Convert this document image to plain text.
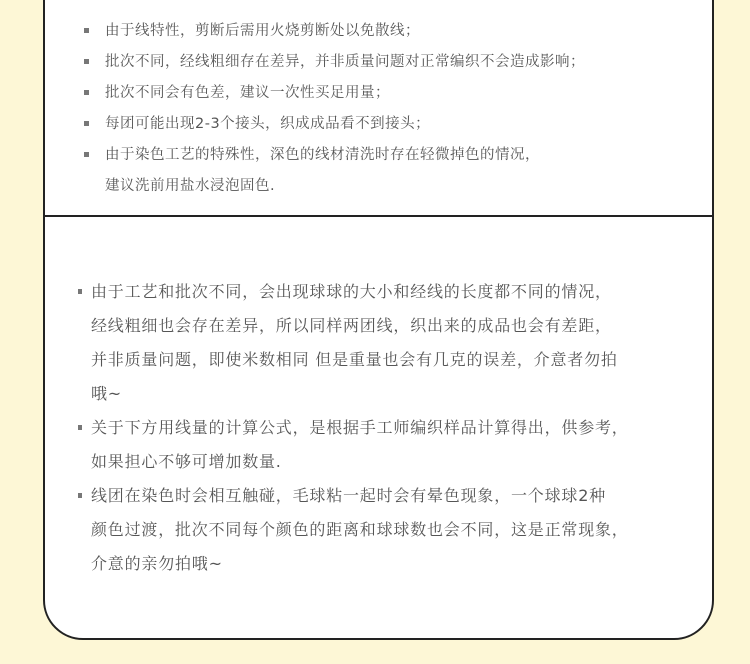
由于线特性，剪断后需用火烧剪断处以免散线；
批次不同，经线粗细存在差异，并非质量问题对正常编织不会造成影响；
批次不同会有色差，建议一次性买足用量；
每团可能出现2-3个接头，织成成品看不到接头；
由于染色工艺的特殊性，深色的线材清洗时存在轻微掉色的情况，
建议洗前用盐水浸泡固色.
由于工艺和批次不同，会出现球球的大小和经线的长度都不同的情况，
经线粗细也会存在差异，所以同样两团线，织出来的成品也会有差距，
并非质量问题，即使米数相同 但是重量也会有几克的误差，介意者勿拍
哦~
关于下方用线量的计算公式，是根据手工师编织样品计算得出，供参考，
如果担心不够可增加数量.
线团在染色时会相互触碰，毛球粘一起时会有晕色现象，一个球球2种
颜色过渡，批次不同每个颜色的距离和球球数也会不同，这是正常现象，
介意的亲勿拍哦~
